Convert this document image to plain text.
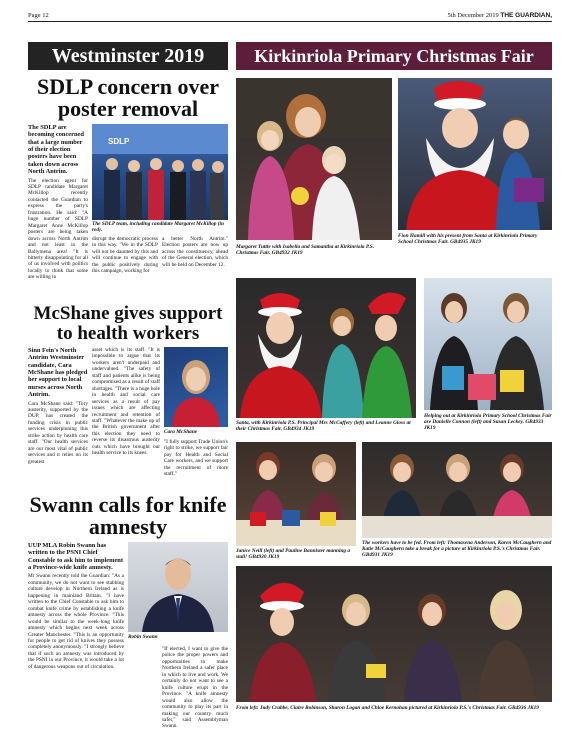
Page 12	5th December 2019 THE GUARDIAN,
Westminster 2019	Kirkinriola Primary Christmas Fair
SDLP concern over poster removal

The SDLP are becoming concerned that a large number of their election posters have been taken down across North Antrim.

The election agent for SDLP candidate Margaret McKillop recently contacted the Guardian to express the party's frustration. He said: "A huge number of SDLP Margaret Anne McKillop posters are being taken down across North Antrim and not least in the Ballymena area! "It is bitterly disappointing for all of us involved with politics locally to think that some are willing to

SDLP
The SDLP team, including candidate Margaret McKillop (in red).
disrupt the democratic process in this way. "We in the SDLP will not be daunted by this and will continue to engage with the public positively during this campaign, working for
a better North Antrim." Election posters are now up across the constituency, ahead of the General election, which will be held on December 12.
McShane gives support to health workers

Sinn Fein's North Antrim Westminster candidate, Cara McShane has pledged her support to local nurses across North Antrim.

Cara McShane said: "Tory austerity, supported by the DUP, has created the funding crisis in public services underpinning this strike action by health care staff. "Our health services are our most vital of public services and it relies on its greatest

asset which is its staff. "It is impossible to argue that its workers aren't underpaid and undervalued. "The safety of staff and patients alike is being compromised as a result of staff shortages. "There is a huge hole in health and social care services as a result of pay issues which are affecting recruitment and retention of staff. "Whatever the make up of the British government after this election they need to reverse its disastrous austerity cuts which have brought our health service to its knees.
Cara McShane
"I fully support Trade Union's right to strike, we support fair pay for Health and Social Care workers, and we support the recruitment of more staff."
Swann calls for knife amnesty

UUP MLA Robin Swann has written to the PSNI Chief Constable to ask him to implement a Province-wide knife amnesty.

Mr Swann recently told the Guardian: "As a community, we do not want to see stabbing culture develop in Northern Ireland as is happening in mainland Britain. "I have written to the Chief Constable to ask him to combat knife crime by establishing a knife amnesty across the whole Province. "This would be similar to the week-long knife amnesty which begins next week across Greater Manchester. "This is an opportunity for people to get rid of knives they possess completely anonymously. "I strongly believe that if such an amnesty was introduced by the PSNI in our Province, it would take a lot of dangerous weapons out of circulation.

Robin Swann
"If elected, I want to give the police the proper powers and opportunities to make Northern Ireland a safer place in which to live and work. We certainly do not want to see a knife culture erupt in the Province. "A knife amnesty would also allow the community to play its part in making our country much safer," said Assemblyman Swann.
Margaret Tuttle with Isabella and Samantha at Kirkinriola P.S. Christmas Fair. GB4932 JK19
Fion Hamill with his present from Santa at Kirkinriola Primary School Christmas Fair. GB4935 JK19
Santa, with Kirkinriola P.S. Principal Mrs McCaffery (left) and Leanne Gloss at their Christmas Fair. GB4934 JK19
Helping out at Kirkinriola Primary School Christmas Fair are Danielle Connon (left) and Susan Leckey. GB4933 JK19
Janice Neill (left) and Pauline Bannister manning a stall! GB4930 JK19
The workers have to be fed. From left: Thomasena Anderson, Karen McCaughern and Katie McCaughern take a break for a picture at Kirkinriola P.S.'s Christmas Fair. GB4931 JK19
From left: Judy Crabbe, Claire Robinson, Sharon Logan and Chloe Kernohan pictured at Kirkinriola P.S.'s Christmas Fair. GB4936 JK19
